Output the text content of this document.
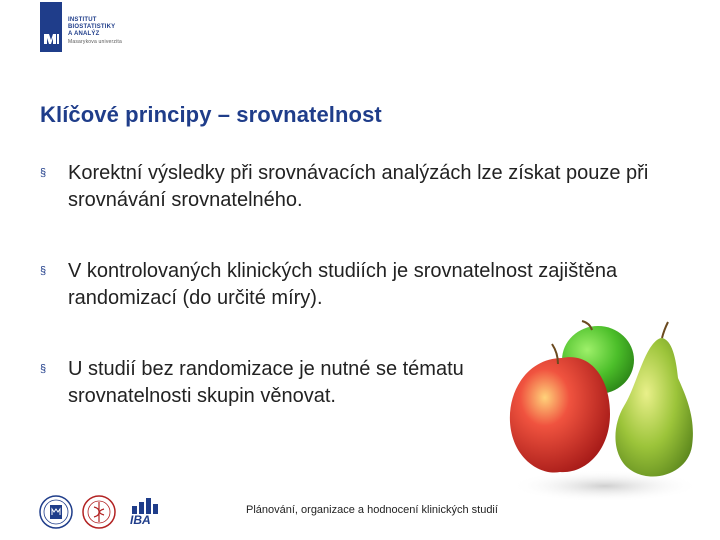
INSTITUT
BIOSTATISTIKY
A ANALÝZ
Masarykova univerzita
Klíčové principy – srovnatelnost
§	Korektní výsledky při srovnávacích analýzách lze získat pouze při srovnávání srovnatelného.
§	V kontrolovaných klinických studiích je srovnatelnost zajištěna randomizací (do určité míry).
§	U studií bez randomizace je nutné se tématu srovnatelnosti skupin věnovat.
IBA
Plánování, organizace a hodnocení klinických studií
